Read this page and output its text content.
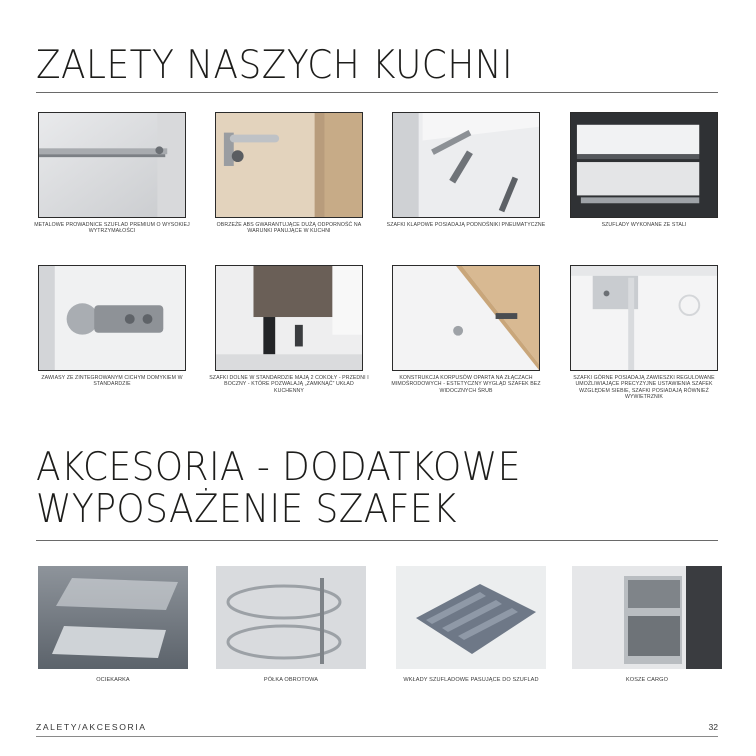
ZALETY NASZYCH KUCHNI
METALOWE PROWADNICE SZUFLAD PREMIUM O WYSOKIEJ WYTRZYMAŁOŚCI
OBRZEŻE ABS GWARANTUJĄCE DUŻĄ ODPORNOŚĆ NA WARUNKI PANUJĄCE W KUCHNI
SZAFKI KLAPOWE POSIADAJĄ PODNOŚNIKI PNEUMATYCZNE	SZUFLADY WYKONANE ZE STALI
ZAWIASY ZE ZINTEGROWANYM CICHYM DOMYKIEM W STANDARDZIE
SZAFKI DOLNE W STANDARDZIE MAJĄ 2 COKOŁY - PRZEDNI I BOCZNY - KTÓRE POZWALAJĄ „ZAMKNĄĆ” UKŁAD KUCHENNY
KONSTRUKCJA KORPUSÓW OPARTA NA ZŁĄCZACH MIMOŚRODOWYCH - ESTETYCZNY WYGLĄD SZAFEK BEZ WIDOCZNYCH ŚRUB
SZAFKI GÓRNE POSIADAJĄ ZAWIESZKI REGULOWANE UMOŻLIWIAJĄCE PRECYZYJNE USTAWIENIA SZAFEK WZGLĘDEM SIEBIE, SZAFKI POSIADAJĄ RÓWNIEŻ WYWIETRZNIK
AKCESORIA - DODATKOWE
WYPOSAŻENIE SZAFEK
OCIEKARKA	PÓŁKA OBROTOWA	WKŁADY SZUFLADOWE PASUJĄCE DO SZUFLAD	KOSZE CARGO
ZALETY/AKCESORIA	32
